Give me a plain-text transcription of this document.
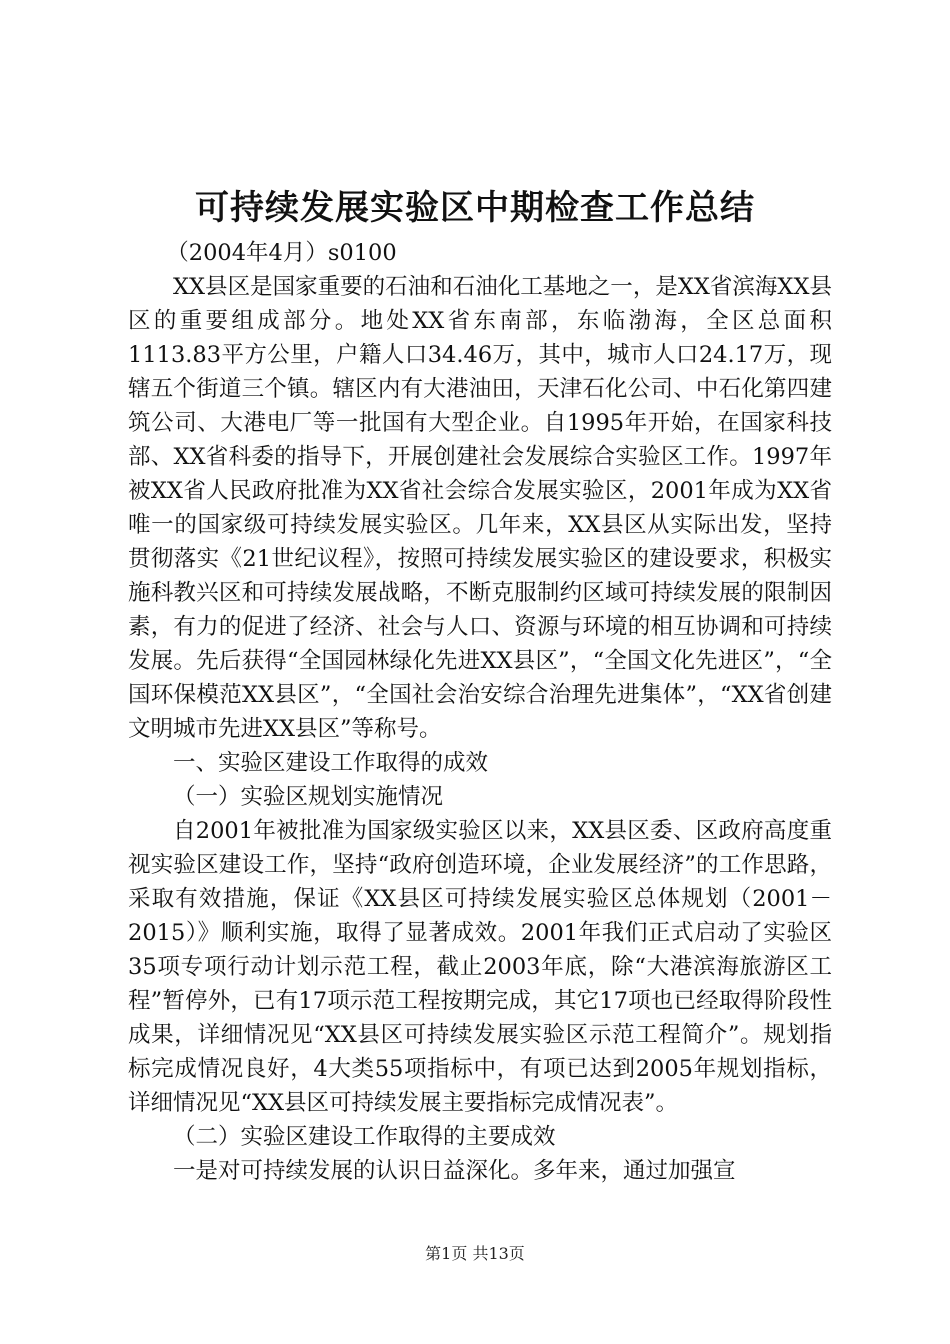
可持续发展实验区中期检查工作总结

（2004年4月）s0100

XX县区是国家重要的石油和石油化工基地之一，是XX省滨海XX县区的重要组成部分。地处XX省东南部，东临渤海，全区总面积1113.83平方公里，户籍人口34.46万，其中，城市人口24.17万，现辖五个街道三个镇。辖区内有大港油田，天津石化公司、中石化第四建筑公司、大港电厂等一批国有大型企业。自1995年开始，在国家科技部、XX省科委的指导下，开展创建社会发展综合实验区工作。1997年被XX省人民政府批准为XX省社会综合发展实验区，2001年成为XX省唯一的国家级可持续发展实验区。几年来，XX县区从实际出发，坚持贯彻落实《21世纪议程》，按照可持续发展实验区的建设要求，积极实施科教兴区和可持续发展战略，不断克服制约区域可持续发展的限制因素，有力的促进了经济、社会与人口、资源与环境的相互协调和可持续发展。先后获得“全国园林绿化先进XX县区”，“全国文化先进区”，“全国环保模范XX县区”，“全国社会治安综合治理先进集体”，“XX省创建文明城市先进XX县区”等称号。

一、实验区建设工作取得的成效

（一）实验区规划实施情况

自2001年被批准为国家级实验区以来，XX县区委、区政府高度重视实验区建设工作，坚持“政府创造环境，企业发展经济”的工作思路，采取有效措施，保证《XX县区可持续发展实验区总体规划（2001－2015）》顺利实施，取得了显著成效。2001年我们正式启动了实验区35项专项行动计划示范工程，截止2003年底，除“大港滨海旅游区工程”暂停外，已有17项示范工程按期完成，其它17项也已经取得阶段性成果，详细情况见“XX县区可持续发展实验区示范工程简介”。规划指标完成情况良好，4大类55项指标中，有项已达到2005年规划指标，详细情况见“XX县区可持续发展主要指标完成情况表”。

（二）实验区建设工作取得的主要成效

一是对可持续发展的认识日益深化。多年来，通过加强宣

第1页 共13页
